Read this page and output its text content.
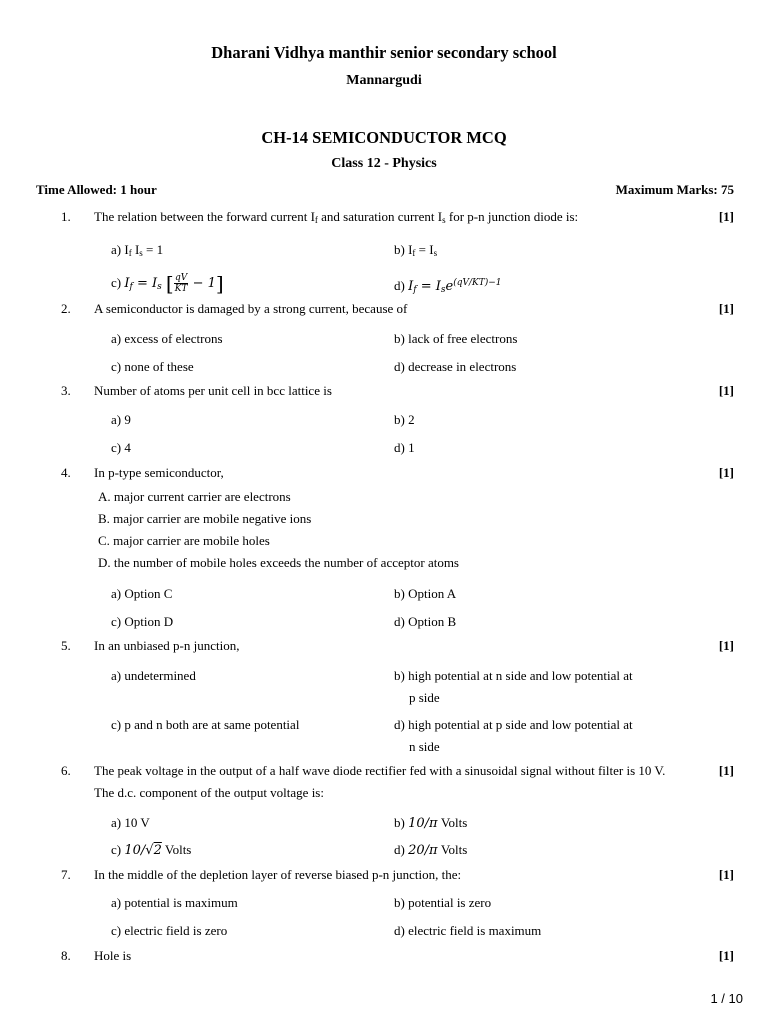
Dharani Vidhya manthir senior secondary school
Mannargudi
CH-14 SEMICONDUCTOR MCQ
Class 12 - Physics
Time Allowed: 1 hour	Maximum Marks: 75
1. The relation between the forward current $I_f$ and saturation current $I_s$ for p-n junction diode is:	[1]
a) $I_f$ $I_s = 1$	b) $I_f = I_s$
c) $I_f = I_s$ [ $\frac{qV}{KT} - 1$]	d) $I_f = I_se^{(qV/KT)-1}$
2. A semiconductor is damaged by a strong current, because of	[1]
a) excess of electrons	b) lack of free electrons
c) none of these	d) decrease in electrons
3. Number of atoms per unit cell in bcc lattice is	[1]
a) 9	b) 2
c) 4	d) 1
4. In p-type semiconductor,	[1]
A. major current carrier are electrons
B. major carrier are mobile negative ions
C. major carrier are mobile holes
D. the number of mobile holes exceeds the number of acceptor atoms
a) Option C	b) Option A
c) Option D	d) Option B
5. In an unbiased p-n junction,	[1]
a) undetermined	b) high potential at n side and low potential at
p side
c) p and n both are at same potential	d) high potential at p side and low potential at
n side
6. The peak voltage in the output of a half wave diode rectifier fed with a sinusoidal signal without filter is 10 V.	[1]
The d.c. component of the output voltage is:
a) 10 V	b) 10/π Volts
c) 10/√2 Volts	d) 20/π Volts
7. In the middle of the depletion layer of reverse biased p-n junction, the:	[1]
a) potential is maximum	b) potential is zero
c) electric field is zero	d) electric field is maximum
8. Hole is	[1]
1 / 10
